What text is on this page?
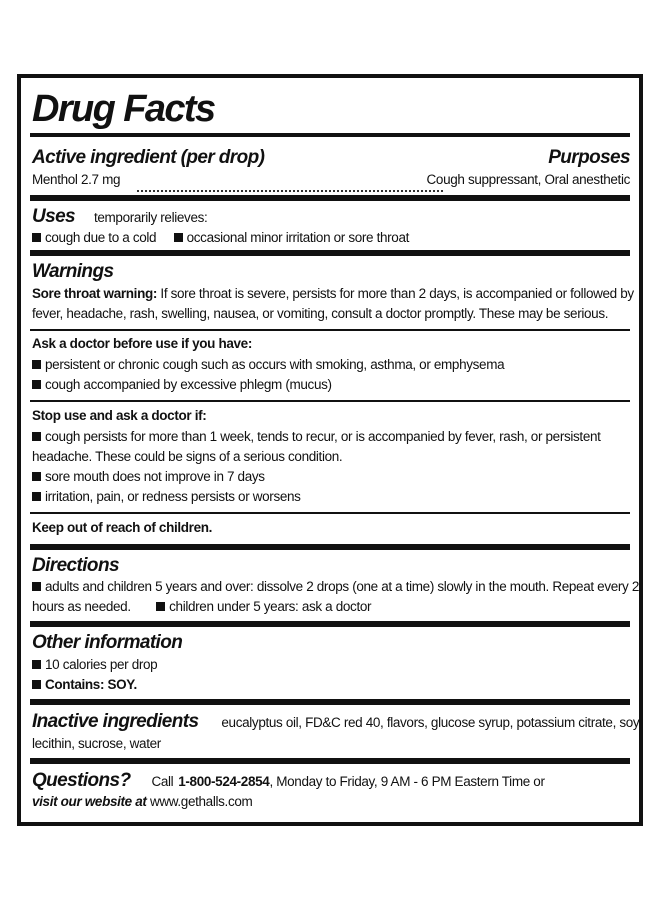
Drug Facts
Active ingredient (per drop)	Purposes
Menthol 2.7 mg	Cough suppressant, Oral anesthetic
Uses temporarily relieves:
cough due to a cold occasional minor irritation or sore throat
Warnings
Sore throat warning: If sore throat is severe, persists for more than 2 days, is accompanied or followed by
fever, headache, rash, swelling, nausea, or vomiting, consult a doctor promptly. These may be serious.
Ask a doctor before use if you have:
persistent or chronic cough such as occurs with smoking, asthma, or emphysema
cough accompanied by excessive phlegm (mucus)
Stop use and ask a doctor if:
cough persists for more than 1 week, tends to recur, or is accompanied by fever, rash, or persistent
headache. These could be signs of a serious condition.
sore mouth does not improve in 7 days
irritation, pain, or redness persists or worsens
Keep out of reach of children.
Directions
adults and children 5 years and over: dissolve 2 drops (one at a time) slowly in the mouth. Repeat every 2
hours as needed.	children under 5 years: ask a doctor
Other information
10 calories per drop
Contains: SOY.
Inactive ingredients eucalyptus oil, FD&C red 40, flavors, glucose syrup, potassium citrate, soy
lecithin, sucrose, water
Questions? Call 1-800-524-2854, Monday to Friday, 9 AM - 6 PM Eastern Time or
visit our website at www.gethalls.com
